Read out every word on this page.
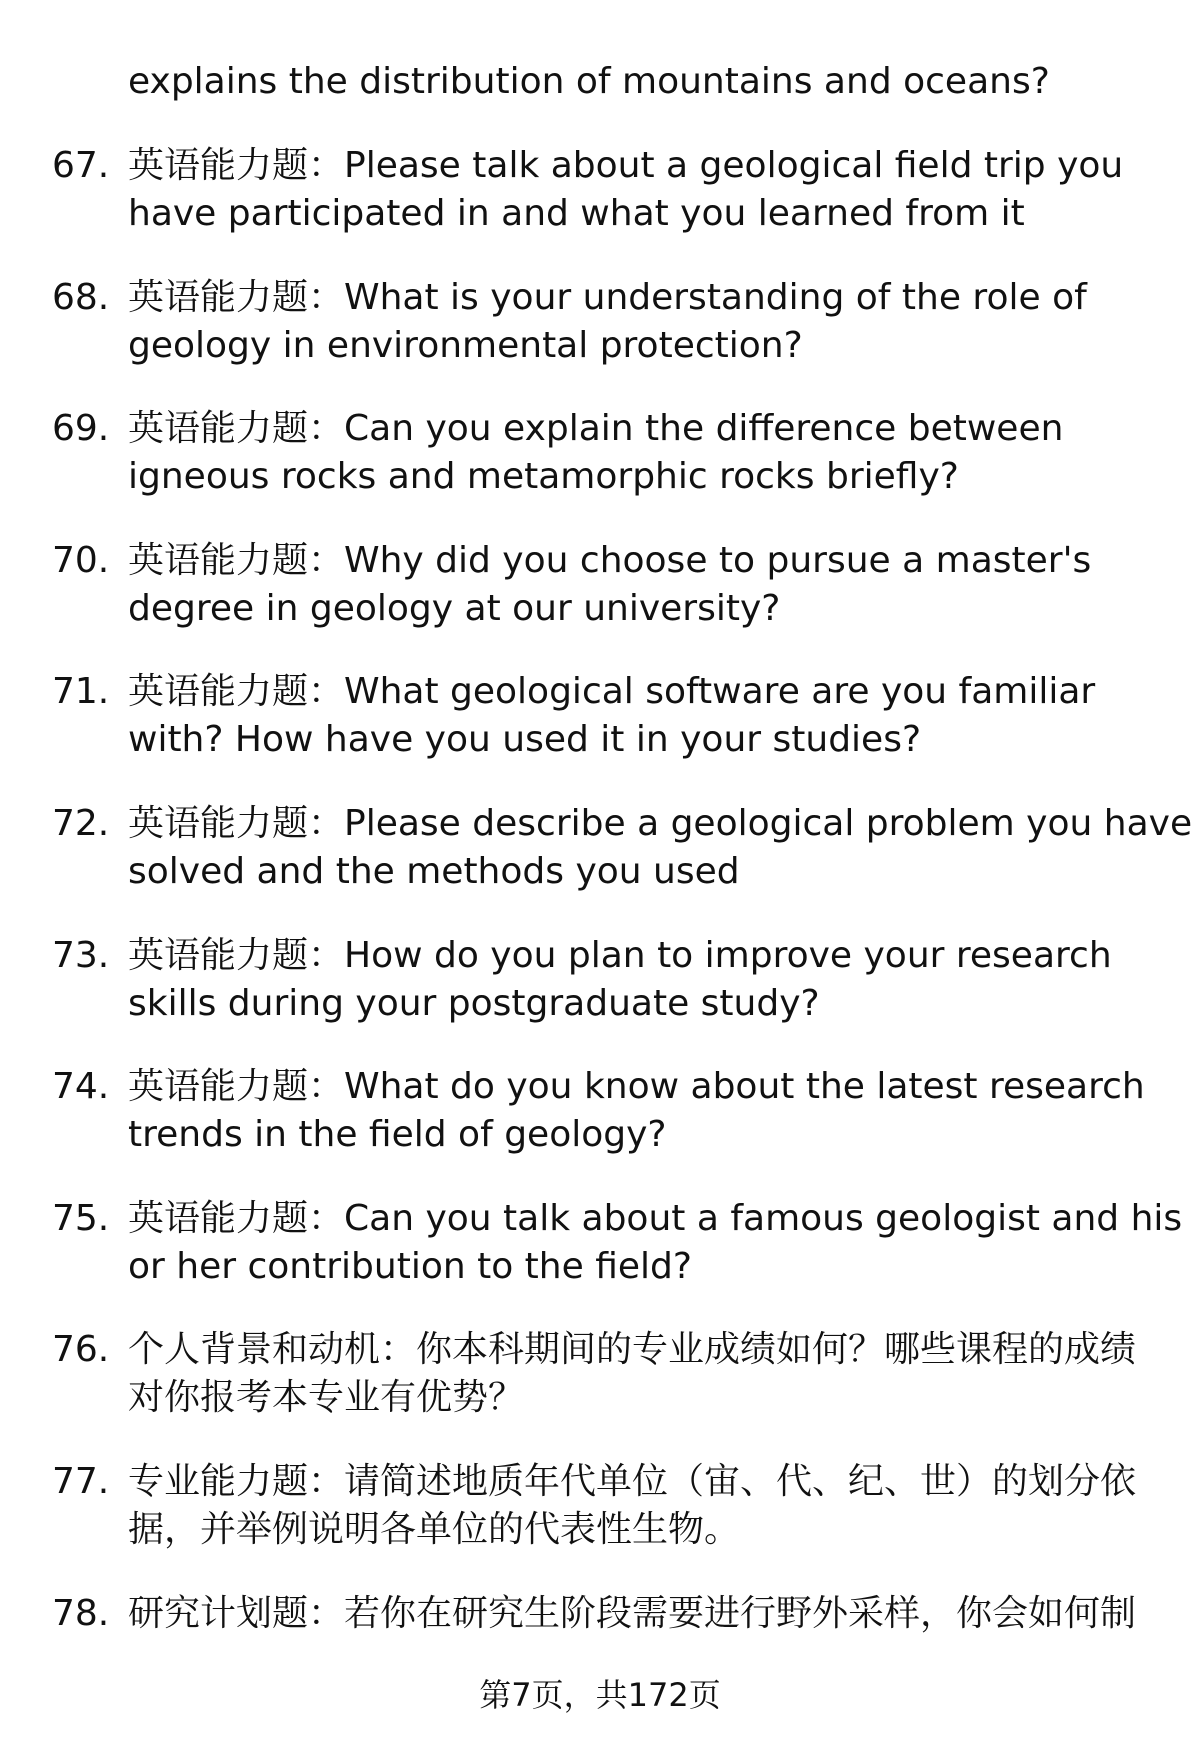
explains the distribution of mountains and oceans?
67. 英语能力题：Please talk about a geological field trip you
have participated in and what you learned from it
68. 英语能力题：What is your understanding of the role of
geology in environmental protection?
69. 英语能力题：Can you explain the difference between
igneous rocks and metamorphic rocks briefly?
70. 英语能力题：Why did you choose to pursue a master's
degree in geology at our university?
71. 英语能力题：What geological software are you familiar
with? How have you used it in your studies?
72. 英语能力题：Please describe a geological problem you have
solved and the methods you used
73. 英语能力题：How do you plan to improve your research
skills during your postgraduate study?
74. 英语能力题：What do you know about the latest research
trends in the field of geology?
75. 英语能力题：Can you talk about a famous geologist and his
or her contribution to the field?
76. 个人背景和动机：你本科期间的专业成绩如何？哪些课程的成绩
对你报考本专业有优势？
77. 专业能力题：请简述地质年代单位（宙、代、纪、世）的划分依
据，并举例说明各单位的代表性生物。
78. 研究计划题：若你在研究生阶段需要进行野外采样，你会如何制
第7页，共172页
